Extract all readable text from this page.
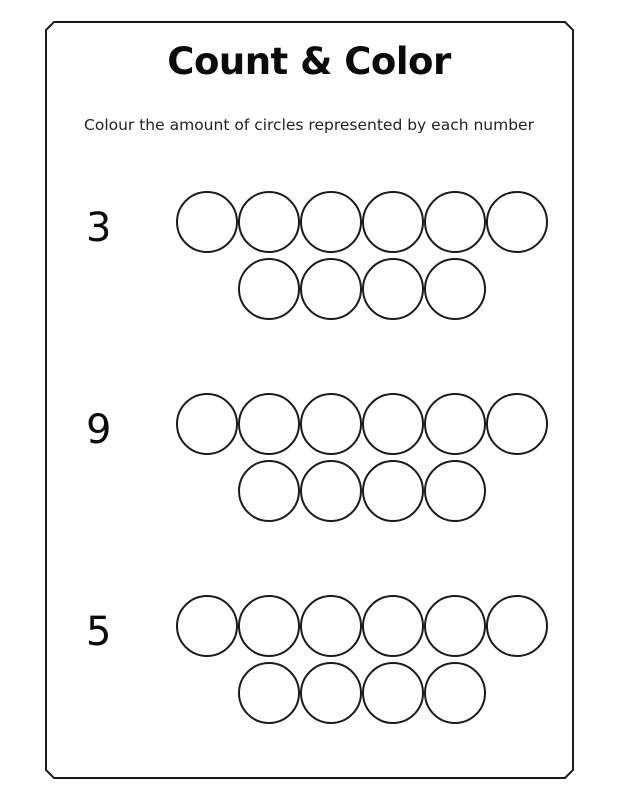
Count & Color

Colour the amount of circles represented by each number

3
9
5
